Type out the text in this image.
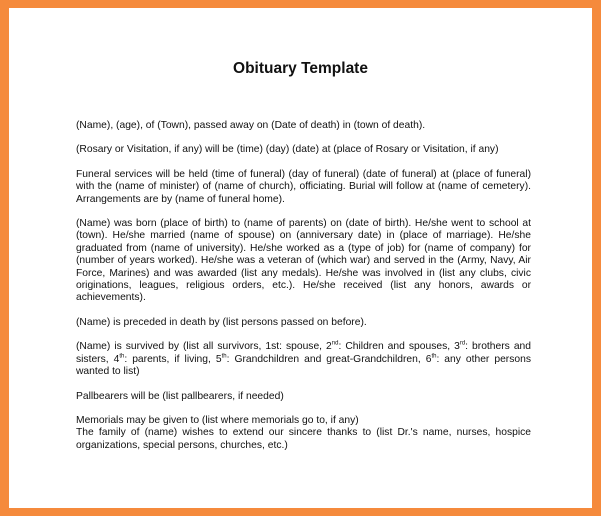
Obituary Template

(Name), (age), of (Town), passed away on (Date of death) in (town of death).

(Rosary or Visitation, if any) will be (time) (day) (date) at (place of Rosary or Visitation, if any)

Funeral services will be held (time of funeral) (day of funeral) (date of funeral) at (place of funeral) with the (name of minister) of (name of church), officiating. Burial will follow at (name of cemetery). Arrangements are by (name of funeral home).

(Name) was born (place of birth) to (name of parents) on (date of birth). He/she went to school at (town). He/she married (name of spouse) on (anniversary date) in (place of marriage). He/she graduated from (name of university). He/she worked as a (type of job) for (name of company) for (number of years worked). He/she was a veteran of (which war) and served in the (Army, Navy, Air Force, Marines) and was awarded (list any medals). He/she was involved in (list any clubs, civic originations, leagues, religious orders, etc.). He/she received (list any honors, awards or achievements).

(Name) is preceded in death by (list persons passed on before).

(Name) is survived by (list all survivors, 1st: spouse, 2nd: Children and spouses, 3rd: brothers and sisters, 4th: parents, if living, 5th: Grandchildren and great-Grandchildren, 6th: any other persons wanted to list)

Pallbearers will be (list pallbearers, if needed)

Memorials may be given to (list where memorials go to, if any)

The family of (name) wishes to extend our sincere thanks to (list Dr.'s name, nurses, hospice organizations, special persons, churches, etc.)
